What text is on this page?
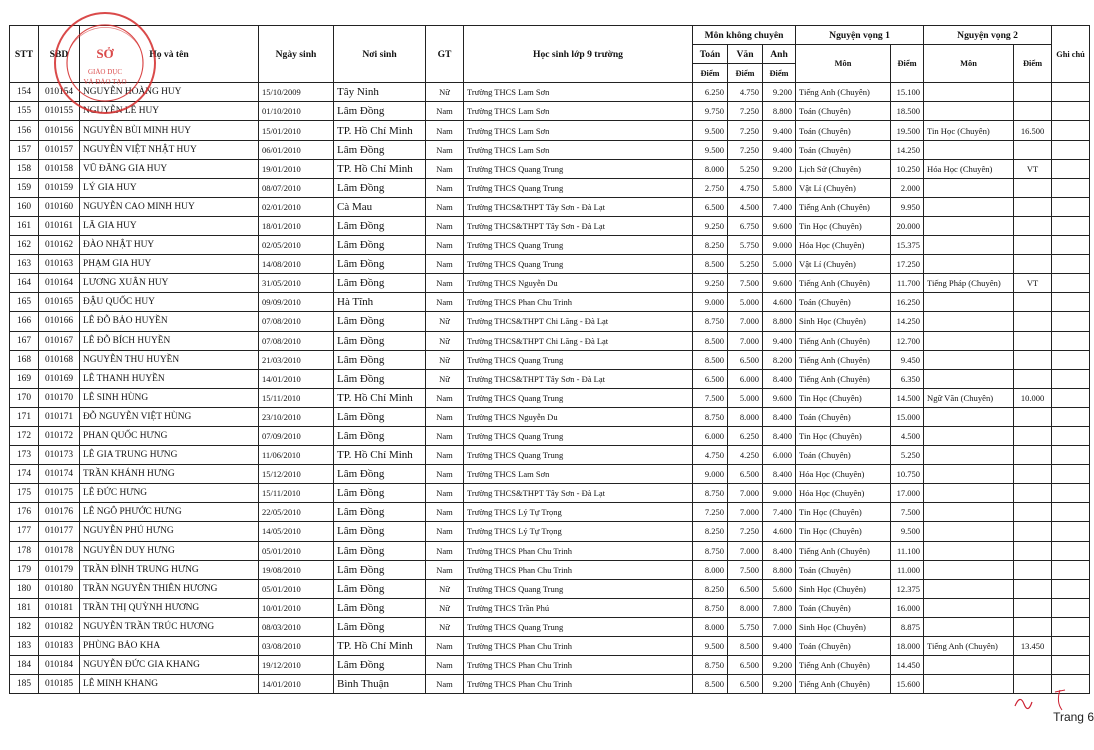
STT	SBD	Họ và tên	Ngày sinh	Nơi sinh	GT	Học sinh lớp 9 trường	Môn không chuyên			Nguyện vọng 1		Nguyện vọng 2		Ghi chú
							Toán	Văn	Anh	Môn	Điểm	Môn	Điểm	
							Điểm	Điểm	Điểm					
154	010154	NGUYỄN HOÀNG HUY	15/10/2009	Tây Ninh	Nữ	Trường THCS Lam Sơn	6.250	4.750	9.200	Tiếng Anh (Chuyên)	15.100			
155	010155	NGUYỄN LÊ HUY	01/10/2010	Lâm Đồng	Nam	Trường THCS Lam Sơn	9.750	7.250	8.800	Toán (Chuyên)	18.500			
156	010156	NGUYỄN BÙI MINH HUY	15/01/2010	TP. Hồ Chí Minh	Nam	Trường THCS Lam Sơn	9.500	7.250	9.400	Toán (Chuyên)	19.500	Tin Học (Chuyên)	16.500	
157	010157	NGUYỄN VIỆT NHẬT HUY	06/01/2010	Lâm Đồng	Nam	Trường THCS Lam Sơn	9.500	7.250	9.400	Toán (Chuyên)	14.250			
158	010158	VŨ ĐĂNG GIA HUY	19/01/2010	TP. Hồ Chí Minh	Nam	Trường THCS Quang Trung	8.000	5.250	9.200	Lịch Sử (Chuyên)	10.250	Hóa Học (Chuyên)	VT	
159	010159	LÝ GIA HUY	08/07/2010	Lâm Đồng	Nam	Trường THCS Quang Trung	2.750	4.750	5.800	Vật Lí (Chuyên)	2.000			
160	010160	NGUYỄN CAO MINH HUY	02/01/2010	Cà Mau	Nam	Trường THCS&THPT Tây Sơn - Đà Lạt	6.500	4.500	7.400	Tiếng Anh (Chuyên)	9.950			
161	010161	LÃ GIA HUY	18/01/2010	Lâm Đồng	Nam	Trường THCS&THPT Tây Sơn - Đà Lạt	9.250	6.750	9.600	Tin Học (Chuyên)	20.000			
162	010162	ĐÀO NHẬT HUY	02/05/2010	Lâm Đồng	Nam	Trường THCS Quang Trung	8.250	5.750	9.000	Hóa Học (Chuyên)	15.375			
163	010163	PHẠM GIA HUY	14/08/2010	Lâm Đồng	Nam	Trường THCS Quang Trung	8.500	5.250	5.000	Vật Lí (Chuyên)	17.250			
164	010164	LƯƠNG XUÂN HUY	31/05/2010	Lâm Đồng	Nam	Trường THCS Nguyễn Du	9.250	7.500	9.600	Tiếng Anh (Chuyên)	11.700	Tiếng Pháp (Chuyên)	VT	
165	010165	ĐẬU QUỐC HUY	09/09/2010	Hà Tĩnh	Nam	Trường THCS Phan Chu Trinh	9.000	5.000	4.600	Toán (Chuyên)	16.250			
166	010166	LÊ ĐỖ BẢO HUYỀN	07/08/2010	Lâm Đồng	Nữ	Trường THCS&THPT Chi Lăng - Đà Lạt	8.750	7.000	8.800	Sinh Học (Chuyên)	14.250			
167	010167	LÊ ĐỖ BÍCH HUYỀN	07/08/2010	Lâm Đồng	Nữ	Trường THCS&THPT Chi Lăng - Đà Lạt	8.500	7.000	9.400	Tiếng Anh (Chuyên)	12.700			
168	010168	NGUYỄN THU HUYỀN	21/03/2010	Lâm Đồng	Nữ	Trường THCS Quang Trung	8.500	6.500	8.200	Tiếng Anh (Chuyên)	9.450			
169	010169	LÊ THANH HUYỀN	14/01/2010	Lâm Đồng	Nữ	Trường THCS&THPT Tây Sơn - Đà Lạt	6.500	6.000	8.400	Tiếng Anh (Chuyên)	6.350			
170	010170	LÊ SINH HÙNG	15/11/2010	TP. Hồ Chí Minh	Nam	Trường THCS Quang Trung	7.500	5.000	9.600	Tin Học (Chuyên)	14.500	Ngữ Văn (Chuyên)	10.000	
171	010171	ĐỖ NGUYỄN VIỆT HÙNG	23/10/2010	Lâm Đồng	Nam	Trường THCS Nguyễn Du	8.750	8.000	8.400	Toán (Chuyên)	15.000			
172	010172	PHAN QUỐC HƯNG	07/09/2010	Lâm Đồng	Nam	Trường THCS Quang Trung	6.000	6.250	8.400	Tin Học (Chuyên)	4.500			
173	010173	LÊ GIA TRUNG HƯNG	11/06/2010	TP. Hồ Chí Minh	Nam	Trường THCS Quang Trung	4.750	4.250	6.000	Toán (Chuyên)	5.250			
174	010174	TRẦN KHÁNH HƯNG	15/12/2010	Lâm Đồng	Nam	Trường THCS Lam Sơn	9.000	6.500	8.400	Hóa Học (Chuyên)	10.750			
175	010175	LÊ ĐỨC HƯNG	15/11/2010	Lâm Đồng	Nam	Trường THCS&THPT Tây Sơn - Đà Lạt	8.750	7.000	9.000	Hóa Học (Chuyên)	17.000			
176	010176	LÊ NGÔ PHƯỚC HƯNG	22/05/2010	Lâm Đồng	Nam	Trường THCS Lý Tự Trọng	7.250	7.000	7.400	Tin Học (Chuyên)	7.500			
177	010177	NGUYỄN PHÚ HƯNG	14/05/2010	Lâm Đồng	Nam	Trường THCS Lý Tự Trọng	8.250	7.250	4.600	Tin Học (Chuyên)	9.500			
178	010178	NGUYỄN DUY HƯNG	05/01/2010	Lâm Đồng	Nam	Trường THCS Phan Chu Trinh	8.750	7.000	8.400	Tiếng Anh (Chuyên)	11.100			
179	010179	TRẦN ĐÌNH TRUNG HƯNG	19/08/2010	Lâm Đồng	Nam	Trường THCS Phan Chu Trinh	8.000	7.500	8.800	Toán (Chuyên)	11.000			
180	010180	TRẦN NGUYỄN THIÊN HƯƠNG	05/01/2010	Lâm Đồng	Nữ	Trường THCS Quang Trung	8.250	6.500	5.600	Sinh Học (Chuyên)	12.375			
181	010181	TRẦN THỊ QUỲNH HƯƠNG	10/01/2010	Lâm Đồng	Nữ	Trường THCS Trần Phú	8.750	8.000	7.800	Toán (Chuyên)	16.000			
182	010182	NGUYỄN TRẦN TRÚC HƯƠNG	08/03/2010	Lâm Đồng	Nữ	Trường THCS Quang Trung	8.000	5.750	7.000	Sinh Học (Chuyên)	8.875			
183	010183	PHÙNG BẢO KHA	03/08/2010	TP. Hồ Chí Minh	Nam	Trường THCS Phan Chu Trinh	9.500	8.500	9.400	Toán (Chuyên)	18.000	Tiếng Anh (Chuyên)	13.450	
184	010184	NGUYỄN ĐỨC GIA KHANG	19/12/2010	Lâm Đồng	Nam	Trường THCS Phan Chu Trinh	8.750	6.500	9.200	Tiếng Anh (Chuyên)	14.450			
185	010185	LÊ MINH KHANG	14/01/2010	Bình Thuận	Nam	Trường THCS Phan Chu Trinh	8.500	6.500	9.200	Tiếng Anh (Chuyên)	15.600			
SỞ
GIÁO DỤC
VÀ ĐÀO TẠO
Trang 6
